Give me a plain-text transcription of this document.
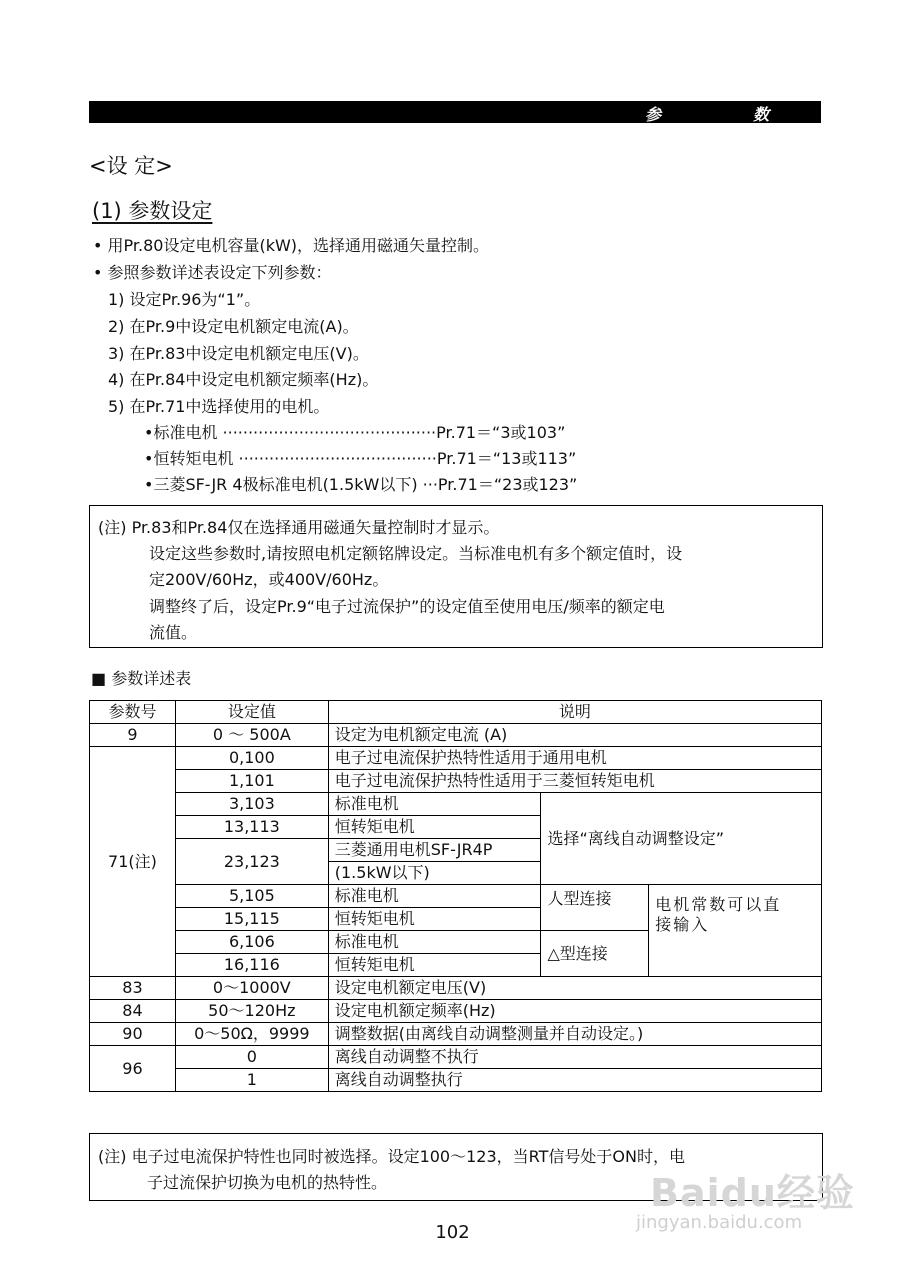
参	数
<设 定>
(1) 参数设定
• 用Pr.80设定电机容量(kW)，选择通用磁通矢量控制。
• 参照参数详述表设定下列参数：
1) 设定Pr.96为“1”。
2) 在Pr.9中设定电机额定电流(A)。
3) 在Pr.83中设定电机额定电压(V)。
4) 在Pr.84中设定电机额定频率(Hz)。
5) 在Pr.71中选择使用的电机。
•标准电机 ··········································Pr.71＝“3或103”
•恒转矩电机 ·······································Pr.71＝“13或113”
•三菱SF-JR 4极标准电机(1.5kW以下) ···Pr.71＝“23或123”
(注) Pr.83和Pr.84仅在选择通用磁通矢量控制时才显示。
设定这些参数时,请按照电机定额铭牌设定。当标准电机有多个额定值时，设
定200V/60Hz，或400V/60Hz。
调整终了后，设定Pr.9“电子过流保护”的设定值至使用电压/频率的额定电
流值。
■ 参数详述表
参数号	设定值	说明		
9	0 ～ 500A	设定为电机额定电流 (A)		
71(注)	0,100	电子过电流保护热特性适用于通用电机		
	1,101	电子过电流保护热特性适用于三菱恒转矩电机		
	3,103	标准电机	选择“离线自动调整设定”	
	13,113	恒转矩电机		
	23,123	三菱通用电机SF-JR4P		
		(1.5kW以下)		
	5,105	标准电机	人型连接	电机常数可以直
接输入
	15,115	恒转矩电机		
	6,106	标准电机	△型连接	
	16,116	恒转矩电机		
83	0～1000V	设定电机额定电压(V)		
84	50～120Hz	设定电机额定频率(Hz)		
90	0～50Ω，9999	调整数据(由离线自动调整测量并自动设定。)		
96	0	离线自动调整不执行		
	1	离线自动调整执行		
(注) 电子过电流保护特性也同时被选择。设定100～123，当RT信号处于ON时，电
子过流保护切换为电机的热特性。	Baidu经验
jingyan.baidu.com
102
